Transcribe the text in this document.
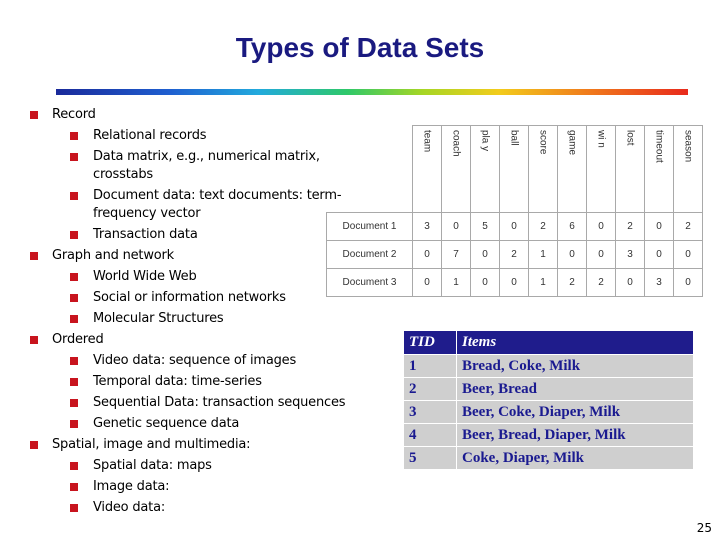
Types of Data Sets
Record
Relational records
Data matrix, e.g., numerical matrix,
crosstabs
Document data: text documents: term-
frequency vector
Transaction data
Graph and network
World Wide Web
Social or information networks
Molecular Structures
Ordered
Video data: sequence of images
Temporal data: time-series
Sequential Data: transaction sequences
Genetic sequence data
Spatial, image and multimedia:
Spatial data: maps
Image data:
Video data:
	team	coach	pla y	ball	score	game	wi n	lost	timeout	season
Document 1	3	0	5	0	2	6	0	2	0	2
Document 2	0	7	0	2	1	0	0	3	0	0
Document 3	0	1	0	0	1	2	2	0	3	0
TID	Items
1	Bread, Coke, Milk
2	Beer, Bread
3	Beer, Coke, Diaper, Milk
4	Beer, Bread, Diaper, Milk
5	Coke, Diaper, Milk
25
